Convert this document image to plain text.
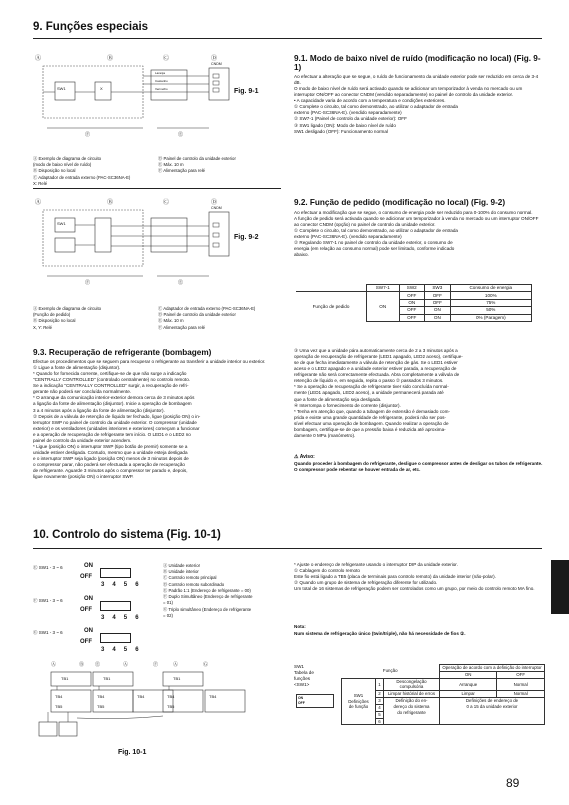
9. Funções especiais
Ⓐ	Ⓑ	Ⓒ	Ⓓ
Ⓕ	Ⓔ
SW1	X
CNDM
Laranja
Castanho
Vermelho	Fig. 9-1
Ⓐ Exemplo de diagrama de circuito
(modo de baixo nível de ruído)
Ⓑ Disposição no local
Ⓒ Adaptador de entrada externo (PAC-SC36NA-E)
X: Relé
Ⓓ Painel de controlo da unidade exterior
Ⓔ Máx. 10 m
Ⓕ Alimentação para relé
9.1. Modo de baixo nível de ruído (modificação no local) (Fig. 9-1)
Ao efectuar a alteração que se segue, o ruído de funcionamento da unidade exterior pode ser reduzido em cerca de 3-4 dB.
O modo de baixo nível de ruído será activado quando se adicionar um temporizador à venda no mercado ou um interruptor ON/OFF ao conector CNDM (vendido separadamente) no painel de controlo da unidade exterior.
• A capacidade varia de acordo com a temperatura e condições exteriores.
① Complete o circuito, tal como demonstrado, ao utilizar o adaptador de entrada
externo (PAC-SC36NA-E). (vendido separadamente)
② SW7-1 (Painel de controlo da unidade exterior): OFF
③ SW1 ligado (ON): Modo de baixo nível de ruído
SW1 desligado (OFF): Funcionamento normal
Ⓐ	Ⓑ	Ⓒ	Ⓓ
Ⓕ	Ⓔ
CNDM
SW1
Fig. 9-2
Ⓐ Exemplo de diagrama de circuito
(Função de pedido)
Ⓑ Disposição no local
X, Y: Relé
Ⓒ Adaptador de entrada externo (PAC-SC36NA-E)
Ⓓ Painel de controlo da unidade exterior
Ⓔ Máx. 10 m
Ⓕ Alimentação para relé
9.2. Função de pedido (modificação no local) (Fig. 9-2)
Ao efectuar a modificação que se segue, o consumo de energia pode ser reduzido para 0-100% do consumo normal.
A função de pedido será activada quando se adicionar um temporizador à venda no mercado ou um interruptor ON/OFF ao conector CNDM (opção) no painel de controlo da unidade exterior.
① Complete o circuito, tal como demonstrado, ao utilizar o adaptador de entrada
externo (PAC-SC36NA-E). (vendido separadamente)
② Regulando SW7-1 no painel de controlo da unidade exterior, o consumo de
energia (em relação ao consumo normal) pode ser limitado, conforme indicado
abaixo.
	SW7-1	SW2	SW3	Consumo de energia
Função de pedido	ON	OFF	OFF	100%
		ON	OFF	75%
		OFF	ON	50%
		OFF	ON	0% (Paragem)
9.3. Recuperação de refrigerante (bombagem)
Efectue os procedimentos que se seguem para recuperar o refrigerante ao transferir a unidade interior ou exterior.
① Ligue a fonte de alimentação (disjuntor).
* Quando for fornecida corrente, certifique-se de que não surge a indicação
"CENTRALLY CONTROLLED" (controlado centralmente) no controlo remoto.
Se a indicação "CENTRALLY CONTROLLED" surgir, a recuperação de refri-
gerante não poderá ser concluída normalmente.
* O arranque da comunicação interior-exterior demora cerca de 3 minutos após
a ligação da fonte de alimentação (disjuntor). Inicie a operação de bombagem
3 a 4 minutos após a ligação da fonte de alimentação (disjuntor).
② Depois de a válvula de retenção de líquido ter fechado, ligue (posição ON) o in-
terruptor SWP no painel de controlo da unidade exterior. O compressor (unidade
exterior) e os ventiladores (unidades interiores e exteriores) começam a funcionar
e a operação de recuperação de refrigerante tem início. O LED1 e o LED2 no
painel de controlo da unidade exterior acendem.
* Ligue (posição ON) o interruptor SWP (tipo botão de premir) somente se a
unidade estiver desligada. Contudo, mesmo que a unidade esteja desligada
e o interruptor SWP seja ligado (posição ON) menos de 3 minutos depois de
o compressor parar, não poderá ser efectuada a operação de recuperação
de refrigerante. Aguarde 3 minutos após o compressor ter parado e, depois,
ligue novamente (posição ON) o interruptor SWP.
③ Uma vez que a unidade pára automaticamente cerca de 2 a 3 minutos após a
operação de recuperação de refrigerante (LED1 apagado, LED2 aceso), certifique-
se de que fecha imediatamente a válvula de retenção de gás. Se o LED1 estiver
aceso e o LED2 apagado e a unidade exterior estiver parada, a recuperação de
refrigerante não será correctamente efectuada. Abra completamente a válvula de
retenção de líquido e, em seguida, repita o passo ② passados 3 minutos.
* Se a operação de recuperação de refrigerante tiver sido concluída normal-
mente (LED1 apagado, LED2 aceso), a unidade permanecerá parada até
que a fonte de alimentação seja desligada.
④ Interrompa o fornecimento de corrente (disjuntor).
* Tenha em atenção que, quando a tubagem de extensão é demasiado com-
prida e existe uma grande quantidade de refrigerante, poderá não ser pos-
sível efectuar uma operação de bombagem. Quando realizar a operação de
bombagem, certifique-se de que a pressão baixa é reduzida até aproxima-
damente 0 MPa (manómetro).
⚠ Aviso:
Quando proceder à bombagem do refrigerante, desligue o compressor antes de desligar os tubos de refrigerante. O compressor pode rebentar se houver entrada de ar, etc.
10. Controlo do sistema (Fig. 10-1)
Ⓔ SW1 - 3 ~ 6	ON
OFF
3 4 5 6
Ⓕ SW1 - 3 ~ 6	ON
OFF
3 4 5 6
Ⓖ SW1 - 3 ~ 6	ON
OFF
3 4 5 6
Ⓐ Unidade exterior
Ⓑ Unidade interior
Ⓒ Controlo remoto principal
Ⓓ Controlo remoto subordinado
Ⓔ Padrão 1:1 (Endereço de refrigerante = 00)
Ⓕ Duplo Simultâneo (Endereço de refrigerante
= 01)
Ⓖ Triplo simultâneo (Endereço de refrigerante
= 02)
Ⓐ	Ⓑ Ⓔ	Ⓐ	Ⓕ	Ⓐ	Ⓖ
TB1	TB1	TB1
TB4	TB4	TB4	TB4	TB4
TB5	TB5	TB5
Fig. 10-1
* Ajuste o endereço de refrigerante usando o interruptor DIP da unidade exterior.
① Cablagem do controlo remoto
Este fio está ligado a TB5 (placa de terminais para controlo remoto) da unidade interior (não-polar).
② Quando um grupo de sistema de refrigeração diferente for utilizado.
Um total de 16 sistemas de refrigeração podem ser controlados como um grupo, por meio do controlo remoto MA fino.
Nota:
Num sistema de refrigeração único (twin/triple), não há necessidade de fios ②.
SW1
Tabela de
funções
<SW1>
ON
OFF
Função			Operação de acordo com a definição do interruptor	
			ON	OFF
SW1
Definições
de função	1	Descongelação compulsória	Arranque	Normal
	2	Limpar histórial de erros	Limpar	Normal
	3	Definição do en-
dereço do sistema
do refrigerante	Definições de endereço de
0 a 15 da unidade exterior	
	4			
	5			
	6			
89
